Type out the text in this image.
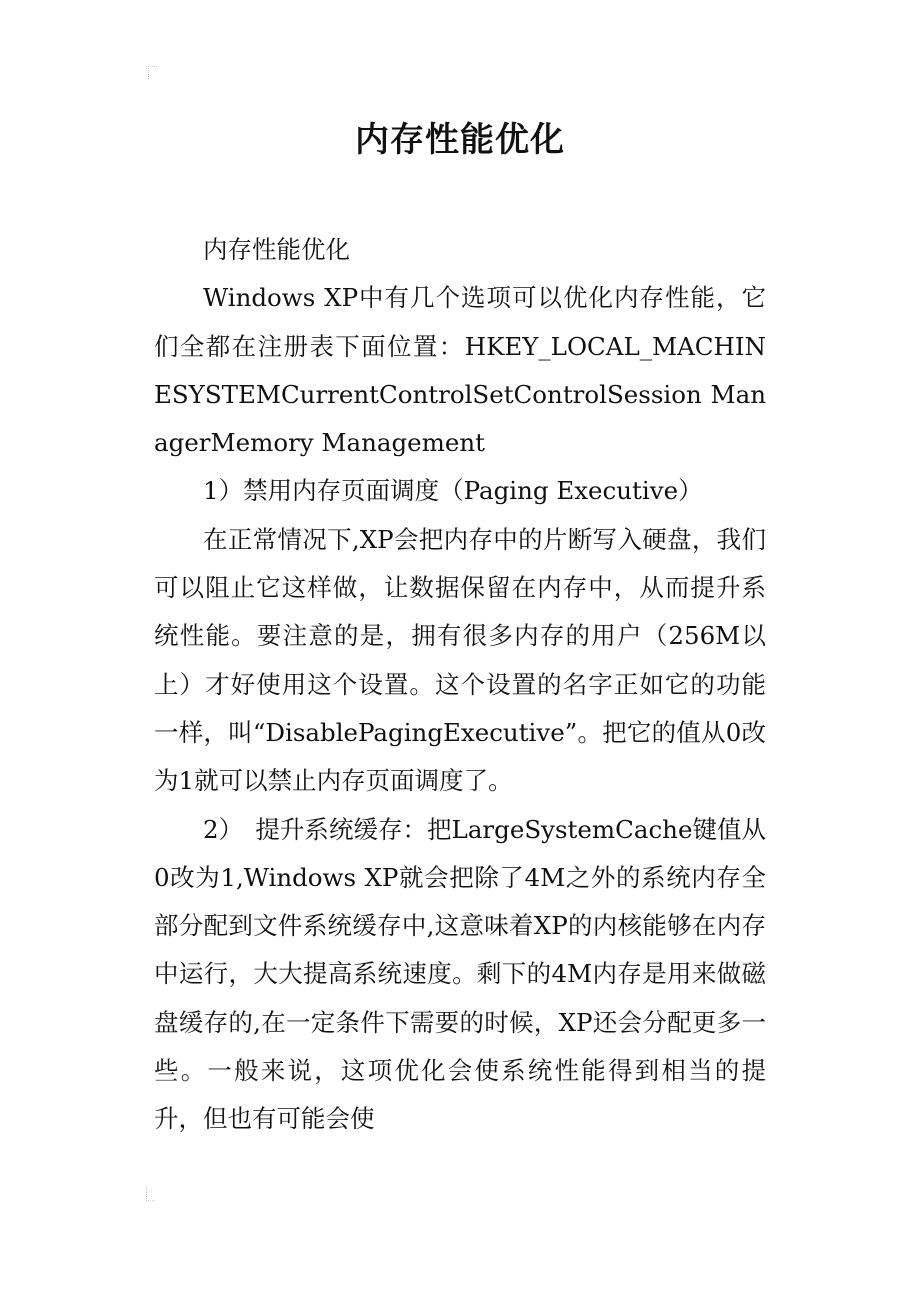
内存性能优化

内存性能优化

Windows XP中有几个选项可以优化内存性能，它们全都在注册表下面位置：HKEY_LOCAL_MACHINESYSTEMCurrentControlSetControlSession ManagerMemory Management

1）禁用内存页面调度（Paging Executive）

在正常情况下,XP会把内存中的片断写入硬盘，我们可以阻止它这样做，让数据保留在内存中，从而提升系统性能。要注意的是，拥有很多内存的用户（256M以上）才好使用这个设置。这个设置的名字正如它的功能一样，叫“DisablePagingExecutive”。把它的值从0改为1就可以禁止内存页面调度了。

2）　提升系统缓存：把LargeSystemCache键值从0改为1,Windows XP就会把除了4M之外的系统内存全部分配到文件系统缓存中,这意味着XP的内核能够在内存中运行，大大提高系统速度。剩下的4M内存是用来做磁盘缓存的,在一定条件下需要的时候，XP还会分配更多一些。一般来说，这项优化会使系统性能得到相当的提升，但也有可能会使
